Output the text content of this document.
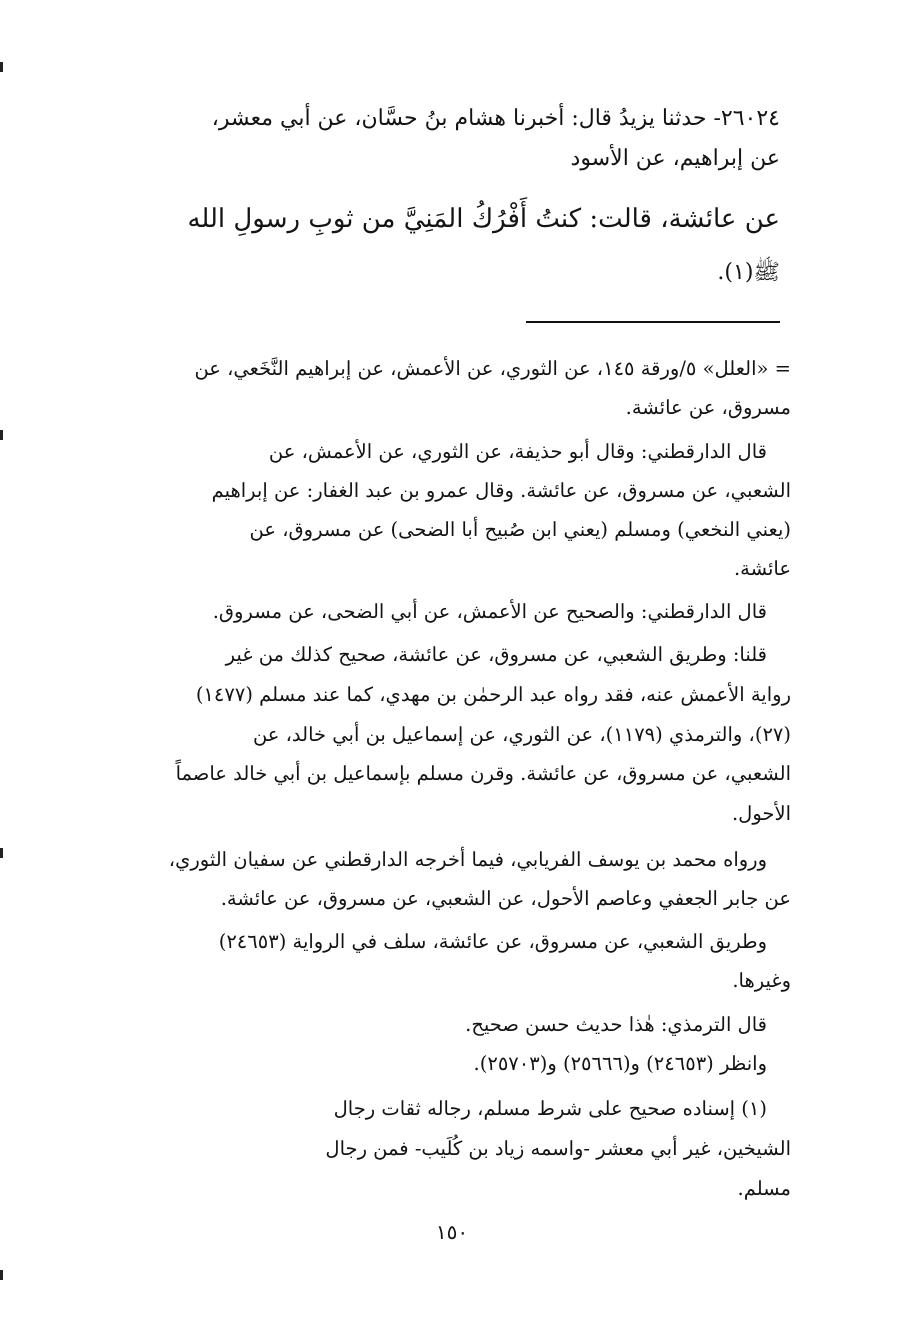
٢٦٠٢٤- حدثنا يزيدُ قال: أخبرنا هشام بنُ حسَّان، عن أبي معشر،
عن إبراهيم، عن الأسود
عن عائشة، قالت: كنتُ أَفْرُكُ المَنِيَّ من ثوبِ رسولِ الله
ﷺ(١).
= «العلل» ٥/ورقة ١٤٥، عن الثوري، عن الأعمش، عن إبراهيم النَّخَعي، عن
مسروق، عن عائشة.
قال الدارقطني: وقال أبو حذيفة، عن الثوري، عن الأعمش، عن
الشعبي، عن مسروق، عن عائشة. وقال عمرو بن عبد الغفار: عن إبراهيم
(يعني النخعي) ومسلم (يعني ابن صُبيح أبا الضحى) عن مسروق، عن
عائشة.
قال الدارقطني: والصحيح عن الأعمش، عن أبي الضحى، عن مسروق.
قلنا: وطريق الشعبي، عن مسروق، عن عائشة، صحيح كذلك من غير
رواية الأعمش عنه، فقد رواه عبد الرحمٰن بن مهدي، كما عند مسلم (١٤٧٧)
(٢٧)، والترمذي (١١٧٩)، عن الثوري، عن إسماعيل بن أبي خالد، عن
الشعبي، عن مسروق، عن عائشة. وقرن مسلم بإسماعيل بن أبي خالد عاصماً
الأحول.
ورواه محمد بن يوسف الفريابي، فيما أخرجه الدارقطني عن سفيان الثوري،
عن جابر الجعفي وعاصم الأحول، عن الشعبي، عن مسروق، عن عائشة.
وطريق الشعبي، عن مسروق، عن عائشة، سلف في الرواية (٢٤٦٥٣)
وغيرها.
قال الترمذي: هٰذا حديث حسن صحيح.
وانظر (٢٤٦٥٣) و(٢٥٦٦٦) و(٢٥٧٠٣).
(١) إسناده صحيح على شرط مسلم، رجاله ثقات رجال
الشيخين، غير أبي معشر -واسمه زياد بن كُلَيب- فمن رجال
مسلم.
١٥٠
